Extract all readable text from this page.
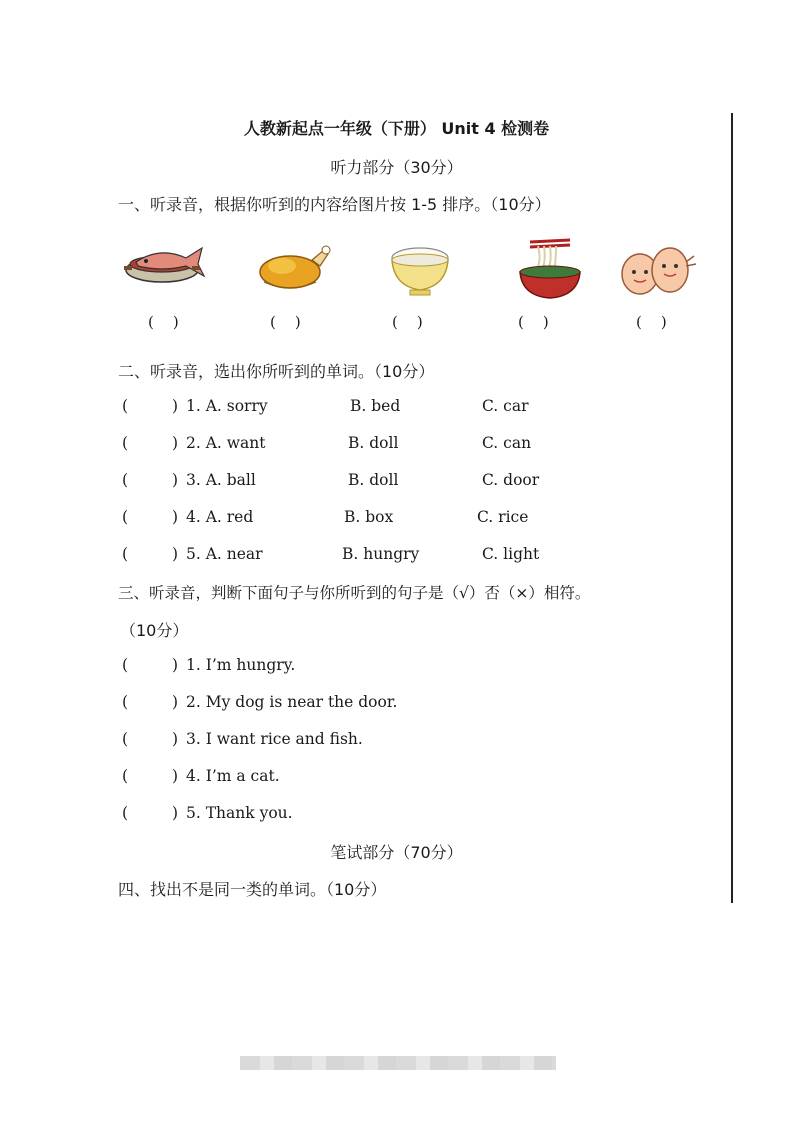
人教新起点一年级（下册） Unit 4 检测卷
听力部分（30分）
一、听录音，根据你听到的内容给图片按 1-5 排序。（10分）
(    )	(    )	(    )	(    )	(    )
二、听录音，选出你所听到的单词。（10分）
(	) 1. A. sorry	B. bed	C. car
(	) 2. A. want	B. doll	C. can
(	) 3. A. ball	B. doll	C. door
(	) 4. A. red	B. box	C. rice
(	) 5. A. near	B. hungry	C. light
三、听录音，判断下面句子与你所听到的句子是（√）否（×）相符。
（10分）
(	) 1. I’m hungry.
(	) 2. My dog is near the door.
(	) 3. I want rice and fish.
(	) 4. I’m a cat.
(	) 5. Thank you.
笔试部分（70分）
四、找出不是同一类的单词。（10分）
